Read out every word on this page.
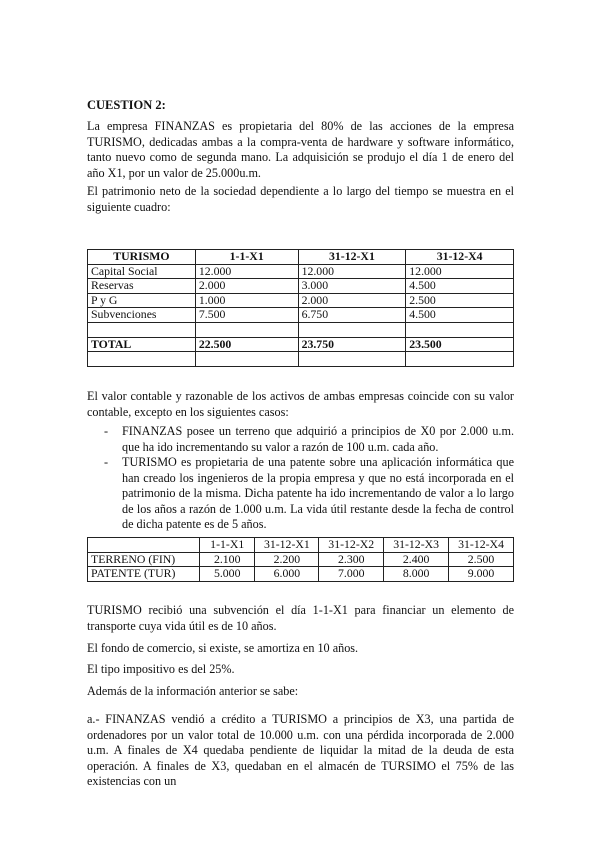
CUESTION 2:

La empresa FINANZAS es propietaria del 80% de las acciones de la empresa TURISMO, dedicadas ambas a la compra-venta de hardware y software informático, tanto nuevo como de segunda mano. La adquisición se produjo el día 1 de enero del año X1, por un valor de 25.000u.m.

El patrimonio neto de la sociedad dependiente a lo largo del tiempo se muestra en el siguiente cuadro:

TURISMO	1-1-X1	31-12-X1	31-12-X4
Capital Social	12.000	12.000	12.000
Reservas	2.000	3.000	4.500
P y G	1.000	2.000	2.500
Subvenciones	7.500	6.750	4.500

TOTAL	22.500	23.750	23.500

El valor contable y razonable de los activos de ambas empresas coincide con su valor contable, excepto en los siguientes casos:

- FINANZAS posee un terreno que adquirió a principios de X0 por 2.000 u.m. que ha ido incrementando su valor a razón de 100 u.m. cada año.
- TURISMO es propietaria de una patente sobre una aplicación informática que han creado los ingenieros de la propia empresa y que no está incorporada en el patrimonio de la misma. Dicha patente ha ido incrementando de valor a lo largo de los años a razón de 1.000 u.m. La vida útil restante desde la fecha de control de dicha patente es de 5 años.
	1-1-X1	31-12-X1	31-12-X2	31-12-X3	31-12-X4
TERRENO (FIN)	2.100	2.200	2.300	2.400	2.500
PATENTE (TUR)	5.000	6.000	7.000	8.000	9.000

TURISMO recibió una subvención el día 1-1-X1 para financiar un elemento de transporte cuya vida útil es de 10 años.

El fondo de comercio, si existe, se amortiza en 10 años.

El tipo impositivo es del 25%.

Además de la información anterior se sabe:

a.- FINANZAS vendió a crédito a TURISMO a principios de X3, una partida de ordenadores por un valor total de 10.000 u.m. con una pérdida incorporada de 2.000 u.m. A finales de X4 quedaba pendiente de liquidar la mitad de la deuda de esta operación. A finales de X3, quedaban en el almacén de TURSIMO el 75% de las existencias con un
